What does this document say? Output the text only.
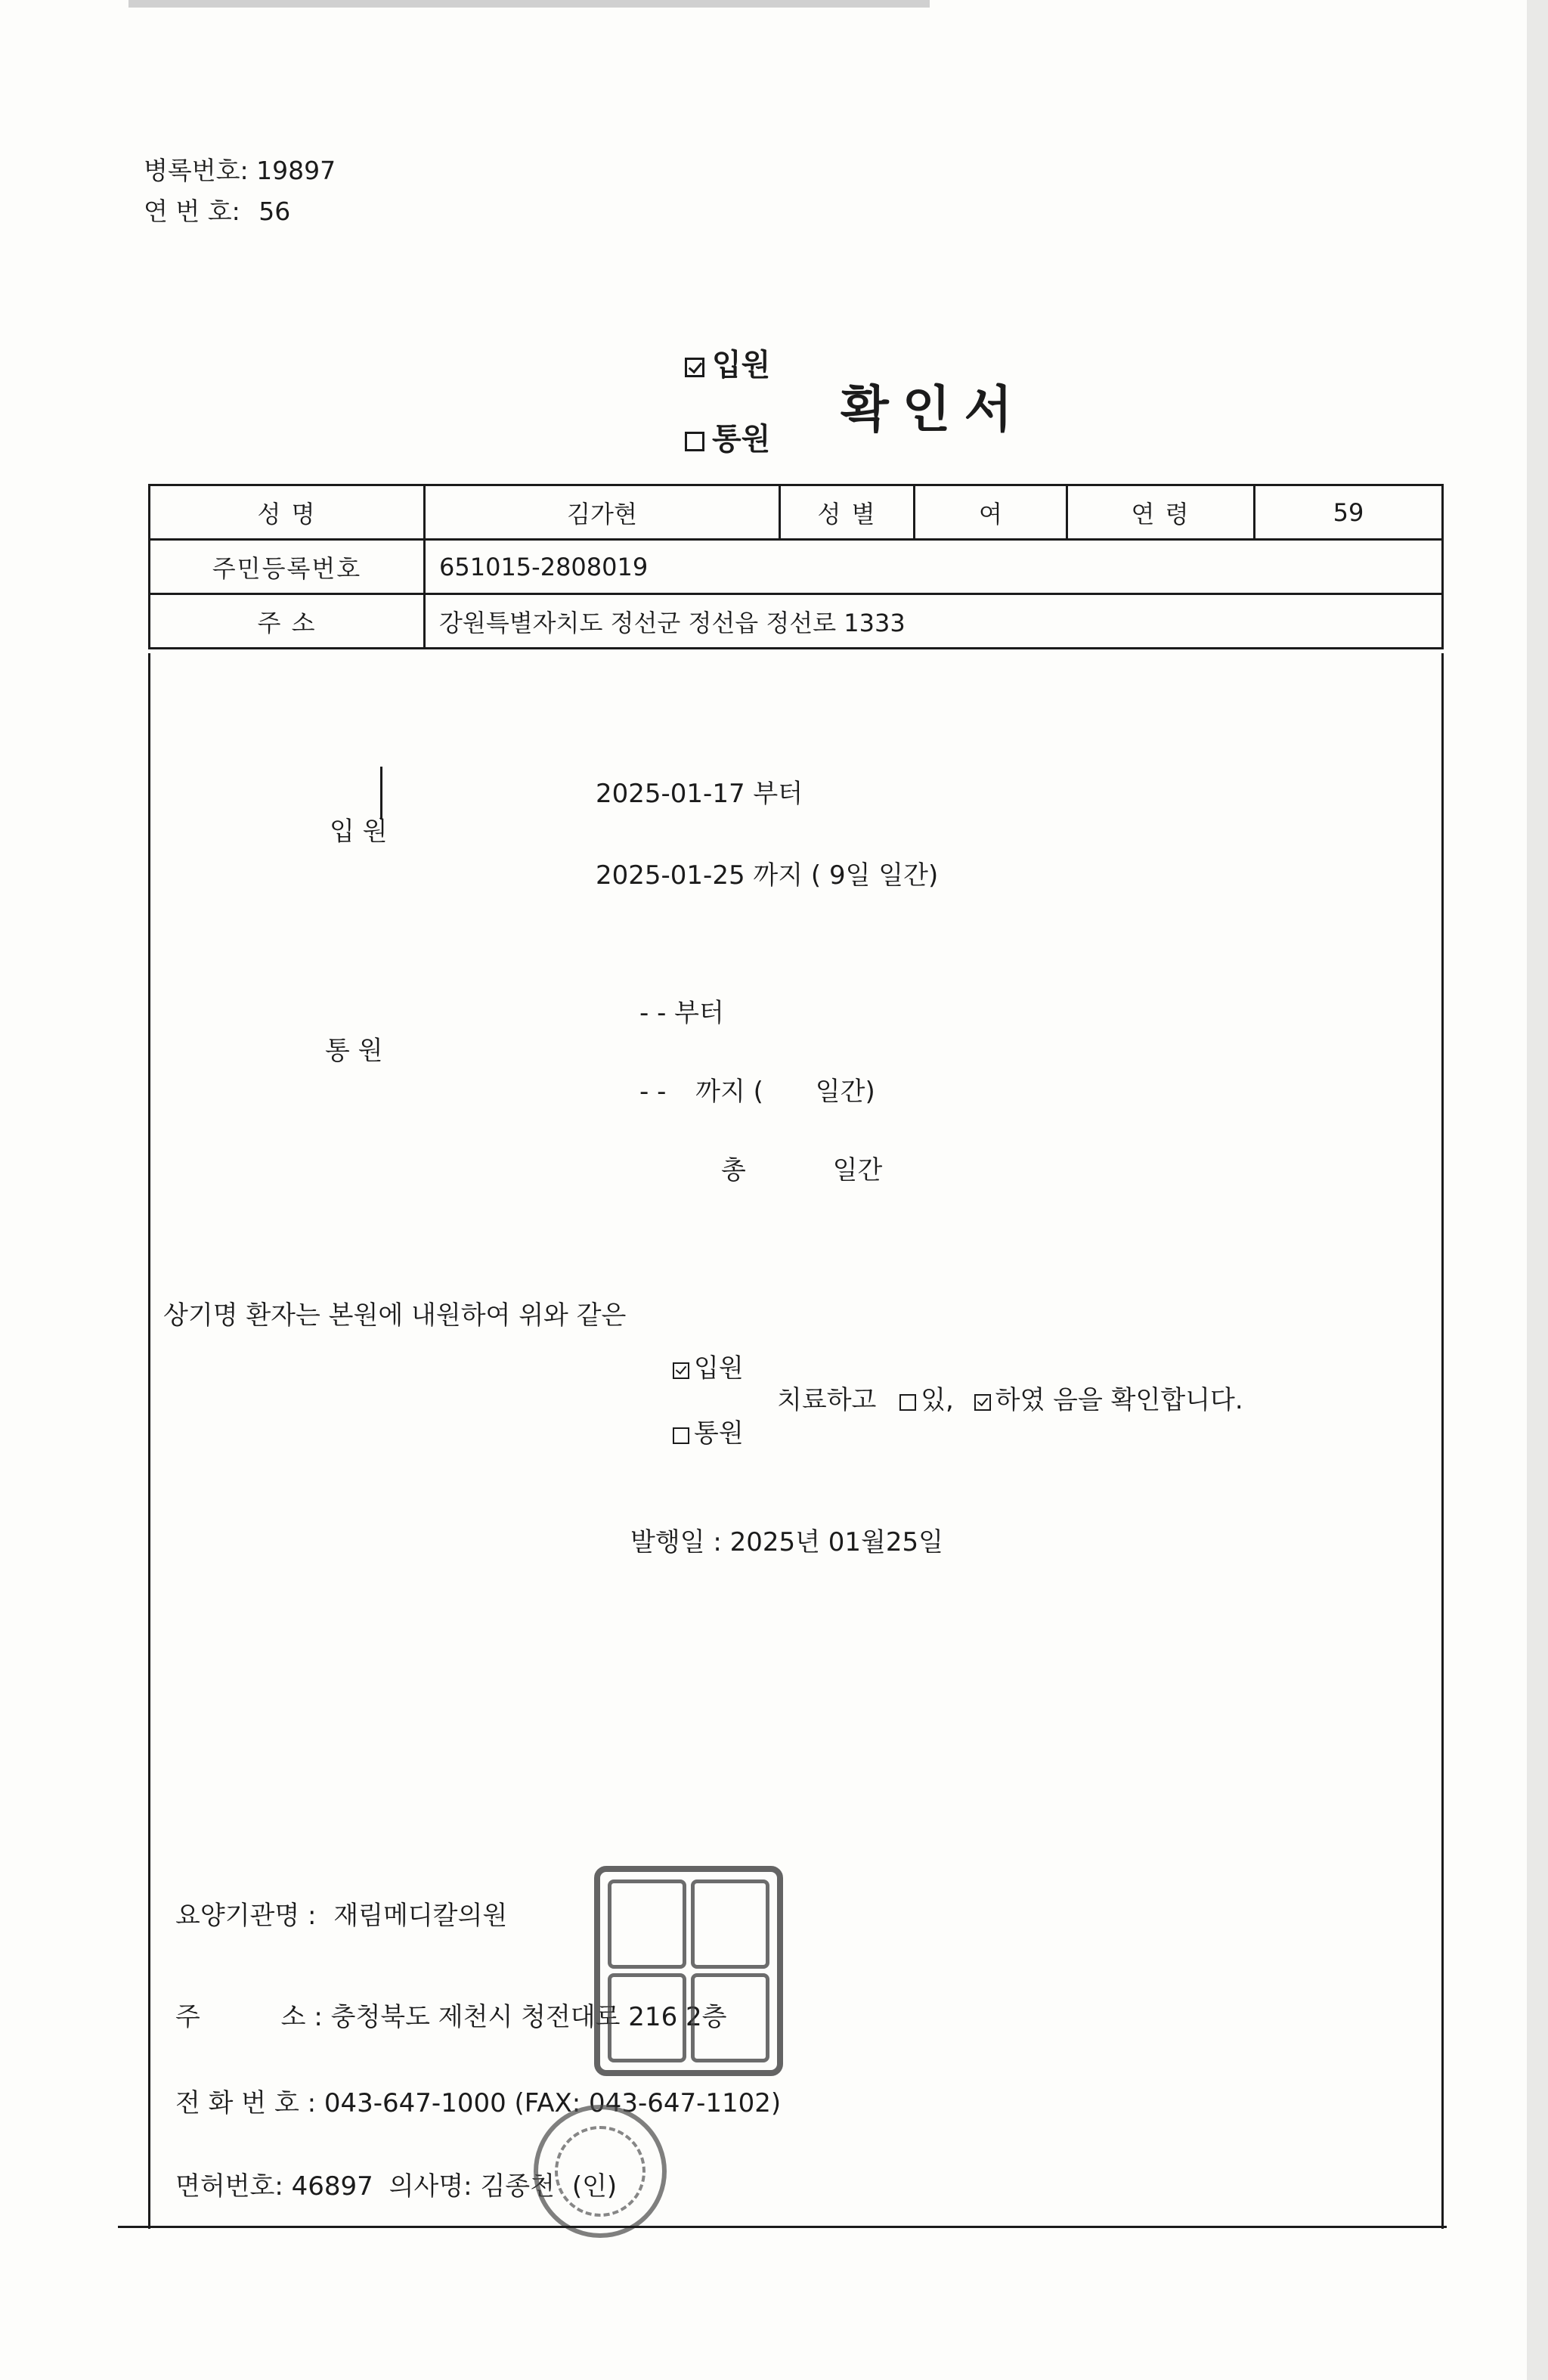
병록번호: 19897
연 번 호: 56
입원
통원
확인서
성 명	김가현	성 별	여	연 령	59
주민등록번호	651015-2808019				
주 소	강원특별자치도 정선군 정선읍 정선로 1333				
입 원
2025-01-17 부터
2025-01-25 까지 ( 9일 일간)
통 원
- - 부터
- - 까지 ( 일간)
총	일간
상기명 환자는 본원에 내원하여 위와 같은
입원
통원
치료하고 있, 하였 음을 확인합니다.
발행일 : 2025년 01월25일
요양기관명 : 재림메디칼의원
주	소 : 충청북도 제천시 청전대로 216 2층
전 화 번 호 : 043-647-1000 (FAX: 043-647-1102)
면허번호: 46897 의사명: 김종천 (인)
